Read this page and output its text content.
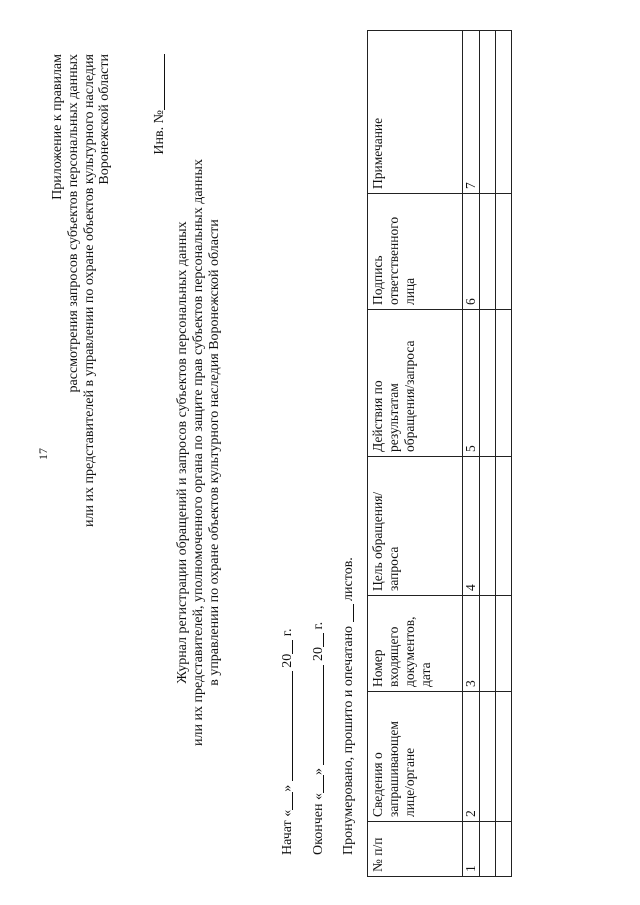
17
Приложение к правилам рассмотрения запросов субъектов персональных данных или их представителей в управлении по охране объектов культурного наследия Воронежской области	Инв. №
Журнал регистрации обращений и запросов субъектов персональных данных или их представителей, уполномоченного органа по защите прав субъектов персональных данных в управлении по охране объектов культурного наследия Воронежской области
Начат «»  20 г.
Окончен «»  20 г.
Пронумеровано, прошито и опечатано  листов.
№ п/п	Сведения о запрашивающем лице/органе	Номер входящего документов, дата	Цель обращения/запроса	Действия по результатам обращения/запроса	Подпись ответственного лица	Примечание
1	2	3	4	5	6	7
